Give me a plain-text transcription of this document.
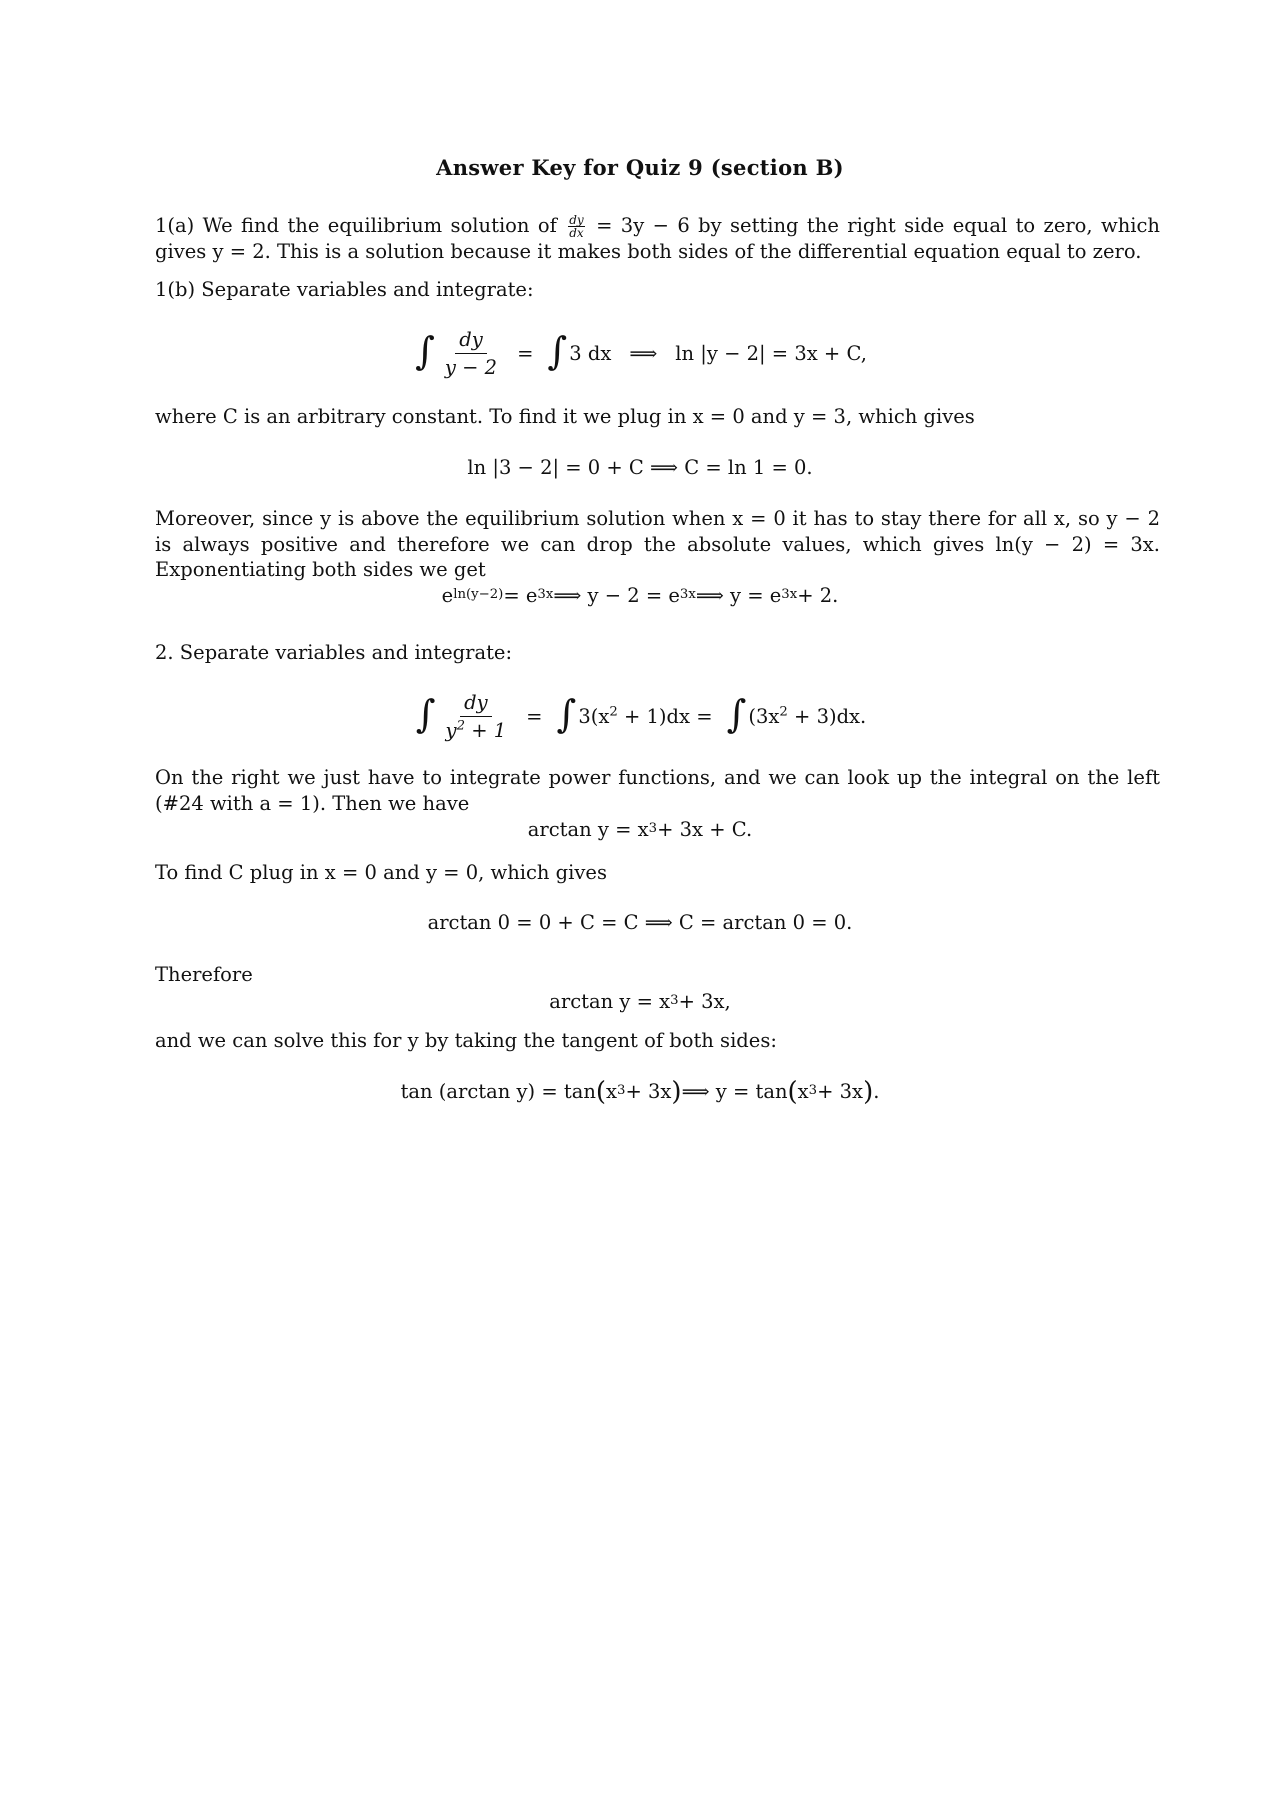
Answer Key for Quiz 9 (section B)
1(a) We find the equilibrium solution of $\frac{dy}{dx} = 3y - 6$ by setting the right side equal to zero, which gives y = 2. This is a solution because it makes both sides of the differential equation equal to zero.
1(b) Separate variables and integrate:
∫ $\frac{dy}{y - 2}$ = ∫ 3 dx ⟹ ln |y − 2| = 3x + C,
where C is an arbitrary constant. To find it we plug in x = 0 and y = 3, which gives
ln |3 − 2| = 0 + C ⟹ C = ln 1 = 0.
Moreover, since y is above the equilibrium solution when x = 0 it has to stay there for all x, so y − 2 is always positive and therefore we can drop the absolute values, which gives ln(y − 2) = 3x. Exponentiating both sides we get
e ln(y−2) = e 3x ⟹ y − 2 = e 3x ⟹ y = e 3x + 2.
2. Separate variables and integrate:
∫ $\frac{dy}{y^2 + 1}$ = ∫ $3(x^2 + 1)dx$ = ∫ $(3x^2 + 3)dx$.
On the right we just have to integrate power functions, and we can look up the integral on the left (#24 with a = 1). Then we have
arctan y = x 3 + 3x + C.
To find C plug in x = 0 and y = 0, which gives
arctan 0 = 0 + C = C ⟹ C = arctan 0 = 0.
Therefore
arctan y = x 3 + 3x,
and we can solve this for y by taking the tangent of both sides:
tan (arctan y) = tan ( x 3 + 3x ) ⟹ y = tan ( x 3 + 3x ) .
